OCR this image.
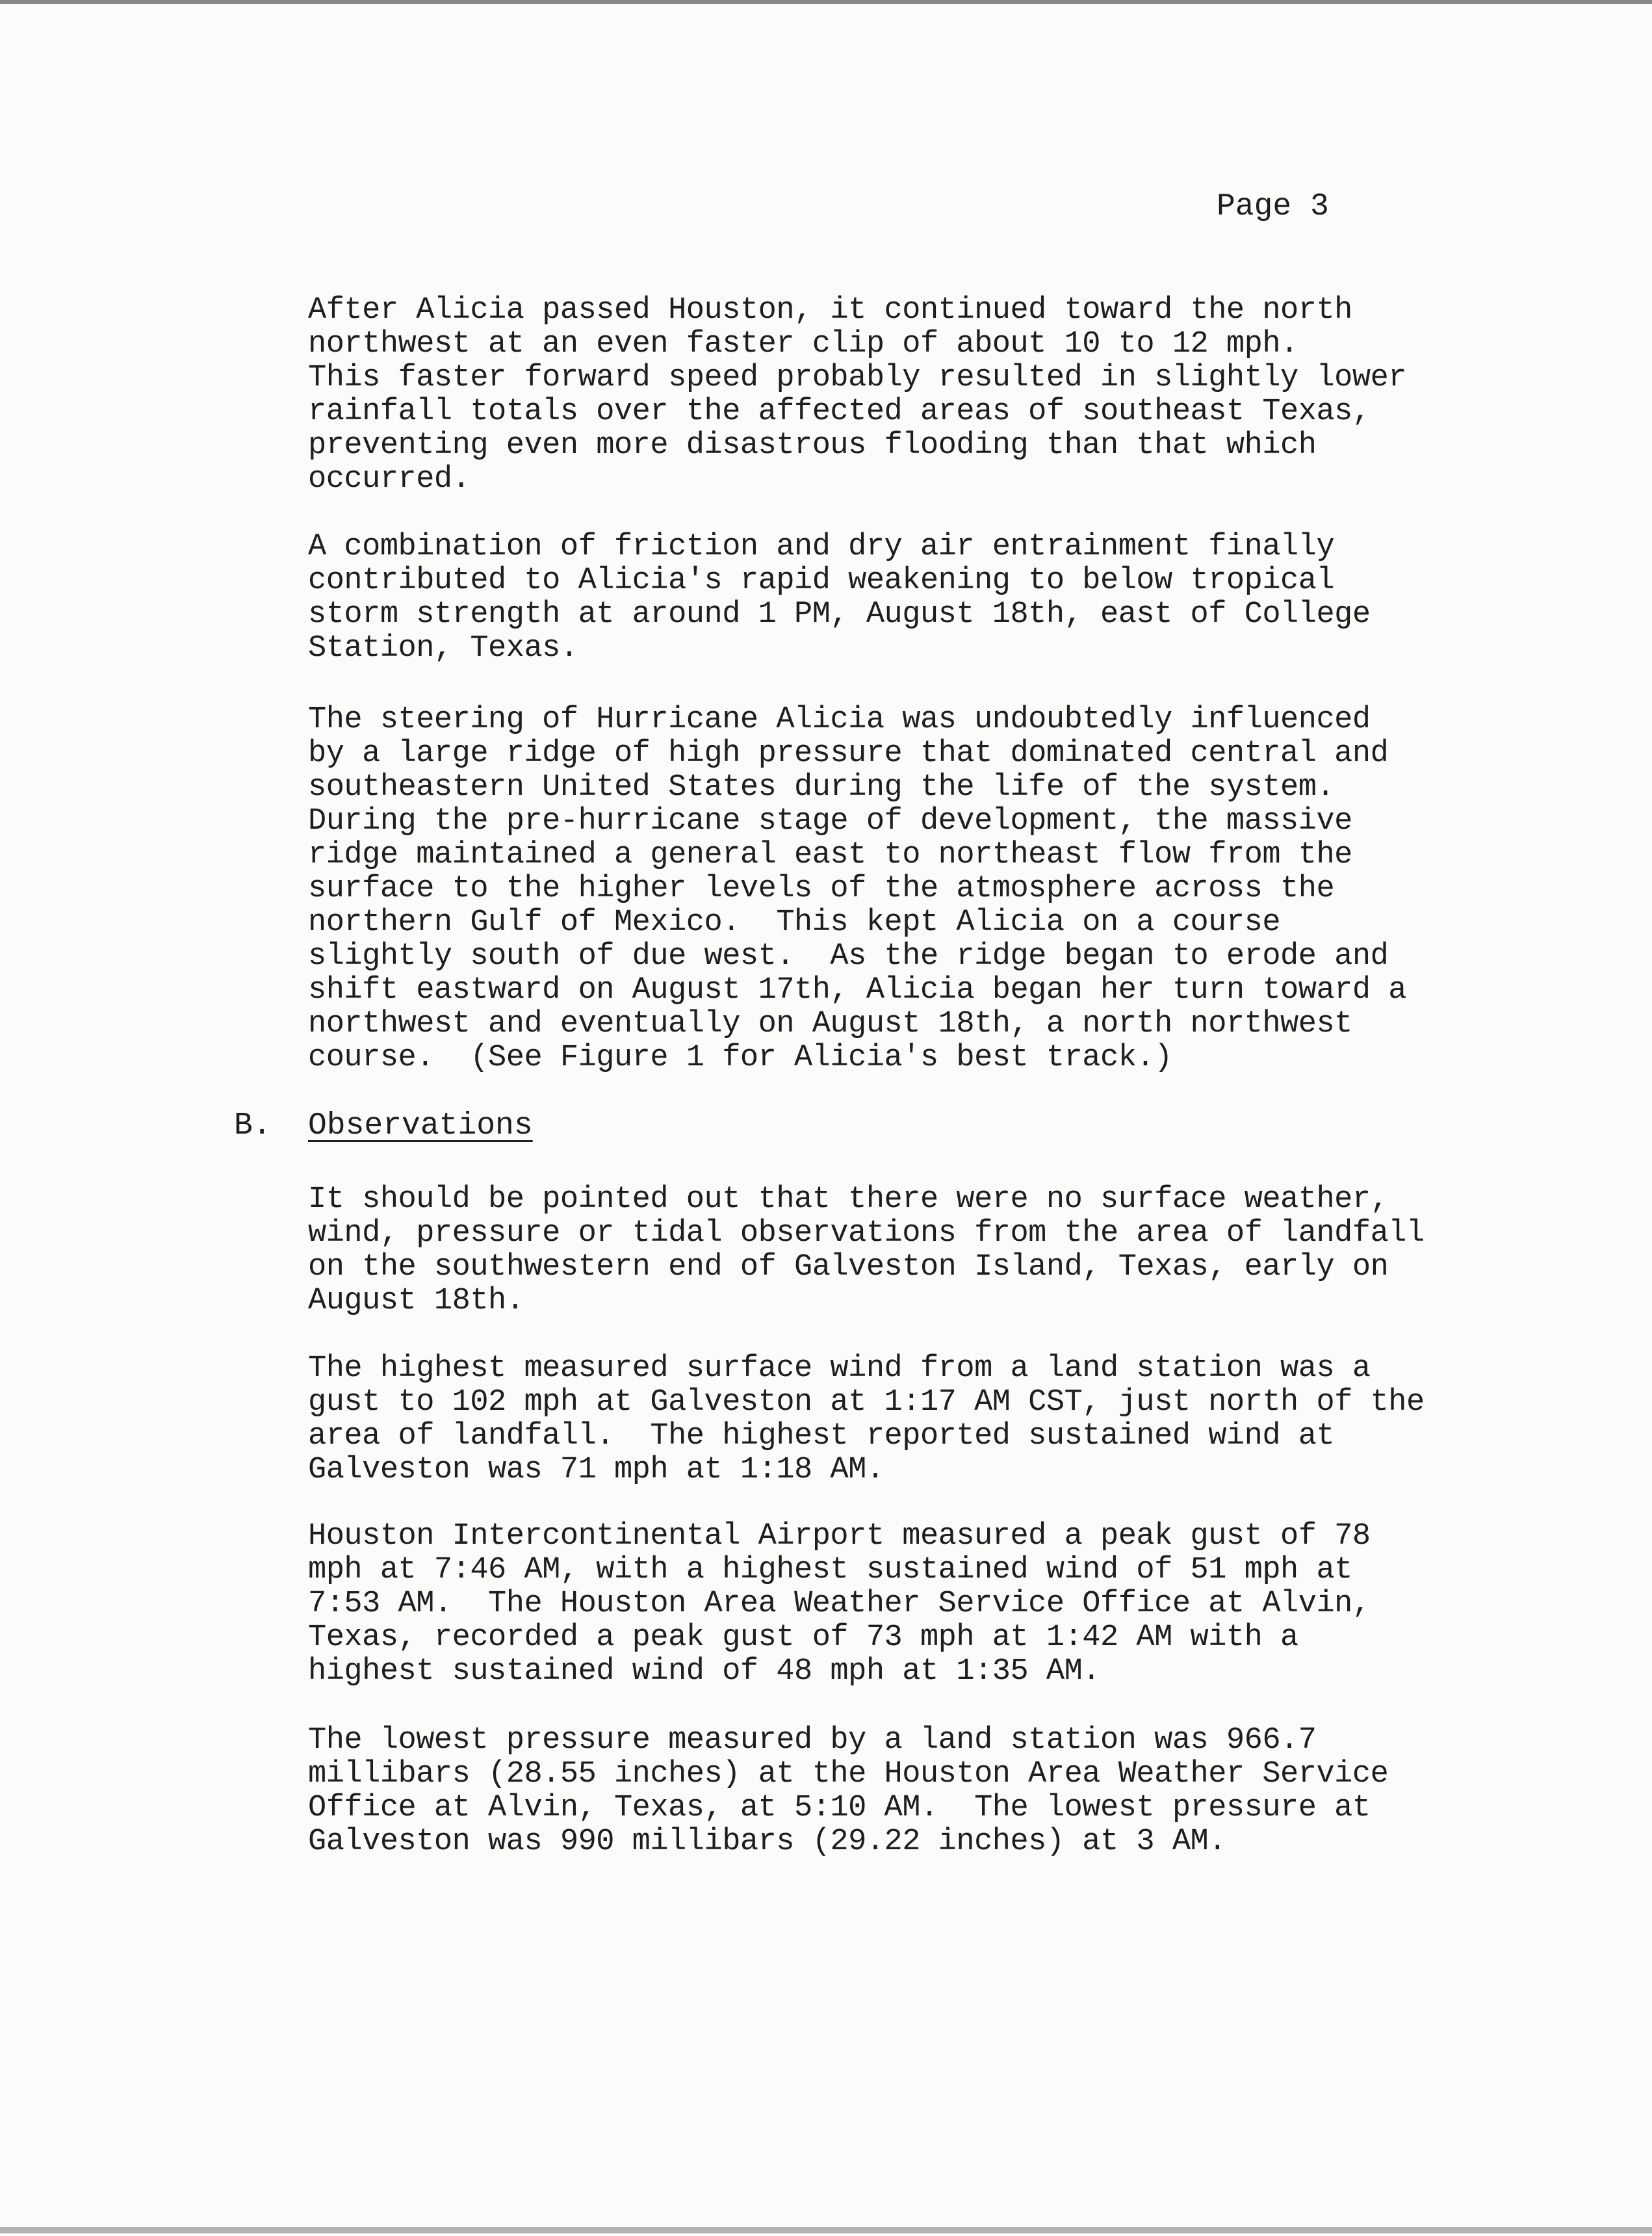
Page 3

After Alicia passed Houston, it continued toward the north
northwest at an even faster clip of about 10 to 12 mph.
This faster forward speed probably resulted in slightly lower
rainfall totals over the affected areas of southeast Texas,
preventing even more disastrous flooding than that which
occurred.

A combination of friction and dry air entrainment finally
contributed to Alicia's rapid weakening to below tropical
storm strength at around 1 PM, August 18th, east of College
Station, Texas.

The steering of Hurricane Alicia was undoubtedly influenced
by a large ridge of high pressure that dominated central and
southeastern United States during the life of the system.
During the pre-hurricane stage of development, the massive
ridge maintained a general east to northeast flow from the
surface to the higher levels of the atmosphere across the
northern Gulf of Mexico.  This kept Alicia on a course
slightly south of due west.  As the ridge began to erode and
shift eastward on August 17th, Alicia began her turn toward a
northwest and eventually on August 18th, a north northwest
course.  (See Figure 1 for Alicia's best track.)

B. Observations

It should be pointed out that there were no surface weather,
wind, pressure or tidal observations from the area of landfall
on the southwestern end of Galveston Island, Texas, early on
August 18th.

The highest measured surface wind from a land station was a
gust to 102 mph at Galveston at 1:17 AM CST, just north of the
area of landfall.  The highest reported sustained wind at
Galveston was 71 mph at 1:18 AM.

Houston Intercontinental Airport measured a peak gust of 78
mph at 7:46 AM, with a highest sustained wind of 51 mph at
7:53 AM.  The Houston Area Weather Service Office at Alvin,
Texas, recorded a peak gust of 73 mph at 1:42 AM with a
highest sustained wind of 48 mph at 1:35 AM.

The lowest pressure measured by a land station was 966.7
millibars (28.55 inches) at the Houston Area Weather Service
Office at Alvin, Texas, at 5:10 AM.  The lowest pressure at
Galveston was 990 millibars (29.22 inches) at 3 AM.
